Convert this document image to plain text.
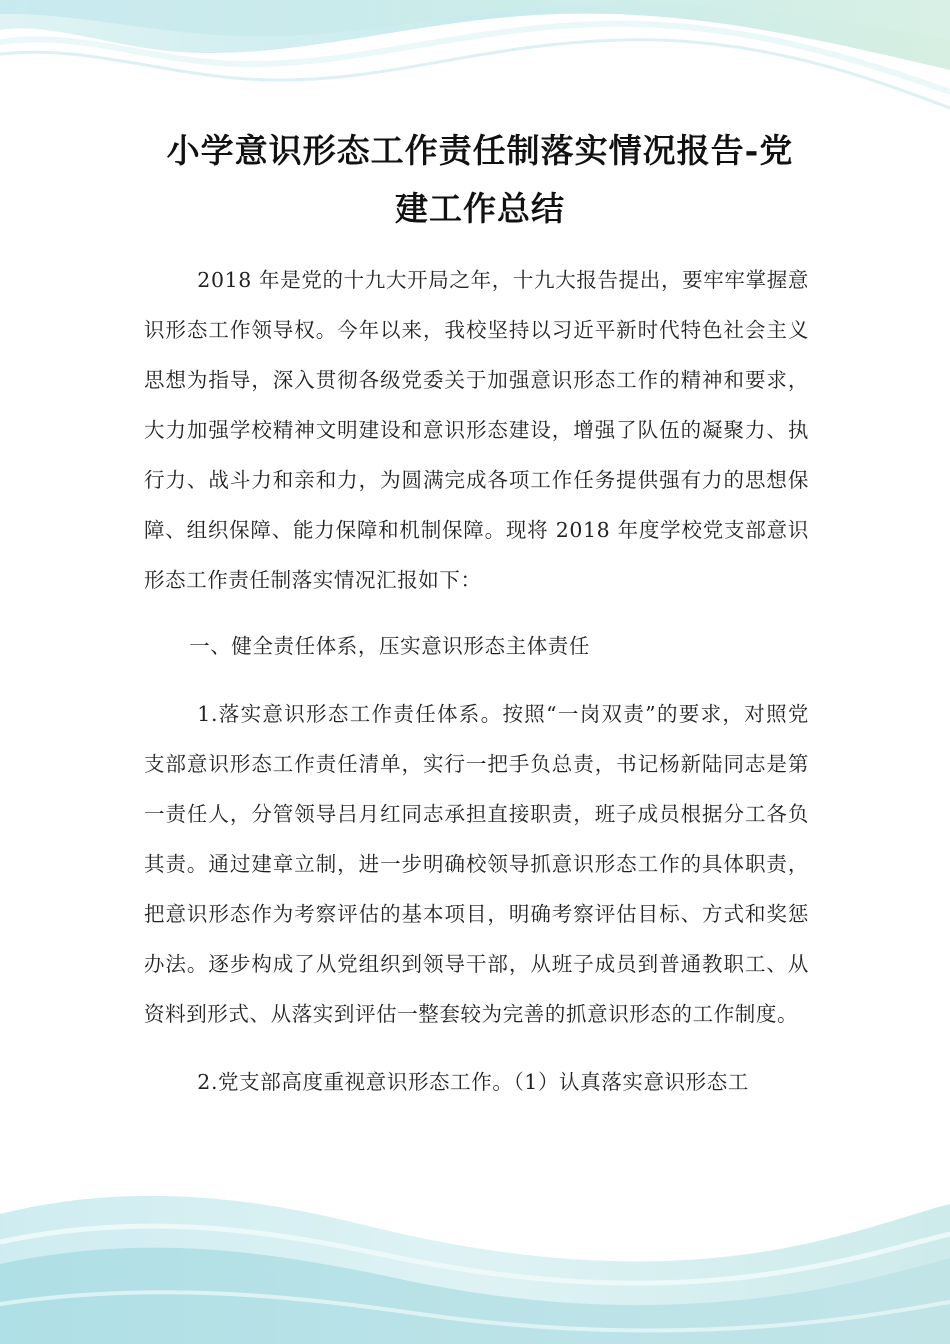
小学意识形态工作责任制落实情况报告-党
建工作总结

2018 年是党的十九大开局之年，十九大报告提出，要牢牢掌握意识形态工作领导权。今年以来，我校坚持以习近平新时代特色社会主义思想为指导，深入贯彻各级党委关于加强意识形态工作的精神和要求，大力加强学校精神文明建设和意识形态建设，增强了队伍的凝聚力、执行力、战斗力和亲和力，为圆满完成各项工作任务提供强有力的思想保障、组织保障、能力保障和机制保障。现将 2018 年度学校党支部意识形态工作责任制落实情况汇报如下：

一、健全责任体系，压实意识形态主体责任

1.落实意识形态工作责任体系。按照“一岗双责”的要求，对照党支部意识形态工作责任清单，实行一把手负总责，书记杨新陆同志是第一责任人，分管领导吕月红同志承担直接职责，班子成员根据分工各负其责。通过建章立制，进一步明确校领导抓意识形态工作的具体职责，把意识形态作为考察评估的基本项目，明确考察评估目标、方式和奖惩办法。逐步构成了从党组织到领导干部，从班子成员到普通教职工、从资料到形式、从落实到评估一整套较为完善的抓意识形态的工作制度。

2.党支部高度重视意识形态工作。（1）认真落实意识形态工
